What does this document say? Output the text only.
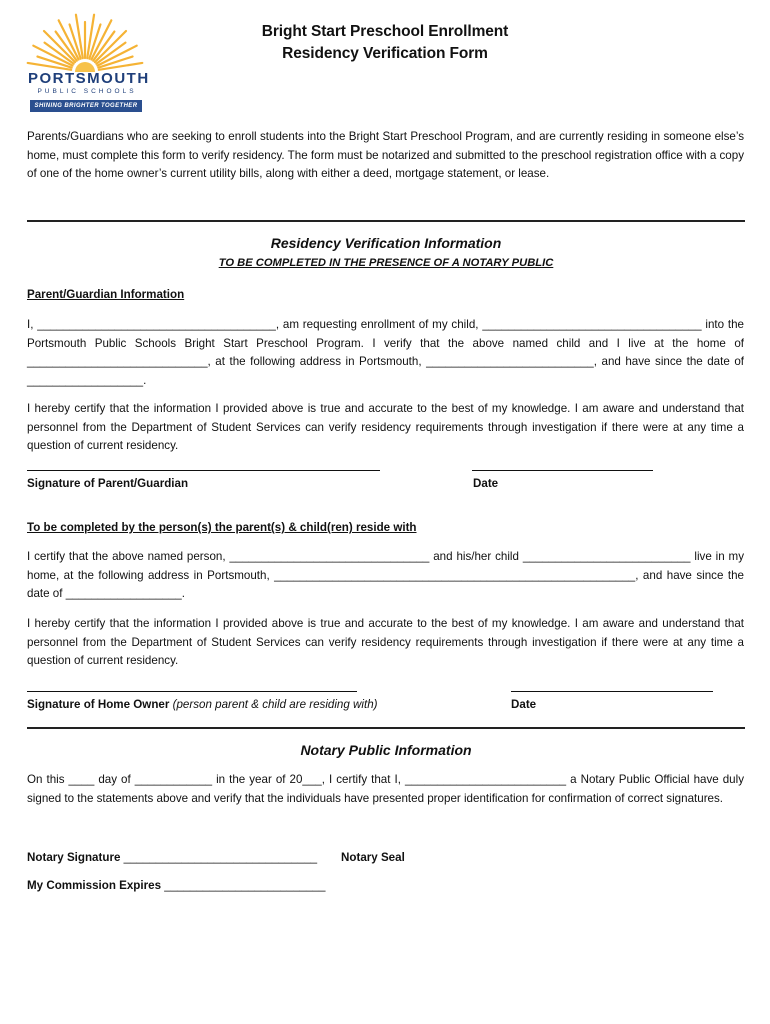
PORTSMOUTH
PUBLIC SCHOOLS
SHINING BRIGHTER TOGETHER
Bright Start Preschool Enrollment
Residency Verification Form

Parents/Guardians who are seeking to enroll students into the Bright Start Preschool Program, and are currently residing in someone else’s home, must complete this form to verify residency. The form must be notarized and submitted to the preschool registration office with a copy of one of the home owner’s current utility bills, along with either a deed, mortgage statement, or lease.

Residency Verification Information
TO BE COMPLETED IN THE PRESENCE OF A NOTARY PUBLIC
Parent/Guardian Information

I, _____________________________________, am requesting enrollment of my child, __________________________________ into the Portsmouth Public Schools Bright Start Preschool Program. I verify that the above named child and I live at the home of ____________________________, at the following address in Portsmouth, __________________________, and have since the date of __________________.

I hereby certify that the information I provided above is true and accurate to the best of my knowledge. I am aware and understand that personnel from the Department of Student Services can verify residency requirements through investigation if there were at any time a question of current residency.

Signature of Parent/Guardian	Date
To be completed by the person(s) the parent(s) & child(ren) reside with

I certify that the above named person, _______________________________ and his/her child __________________________ live in my home, at the following address in Portsmouth, ________________________________________________________, and have since the date of __________________.

I hereby certify that the information I provided above is true and accurate to the best of my knowledge. I am aware and understand that personnel from the Department of Student Services can verify residency requirements through investigation if there were at any time a question of current residency.

Signature of Home Owner (person parent & child are residing with)	Date
Notary Public Information

On this ____ day of ____________ in the year of 20___, I certify that I, _________________________ a Notary Public Official have duly signed to the statements above and verify that the individuals have presented proper identification for confirmation of correct signatures.

Notary Signature ______________________________ Notary Seal
My Commission Expires _________________________
